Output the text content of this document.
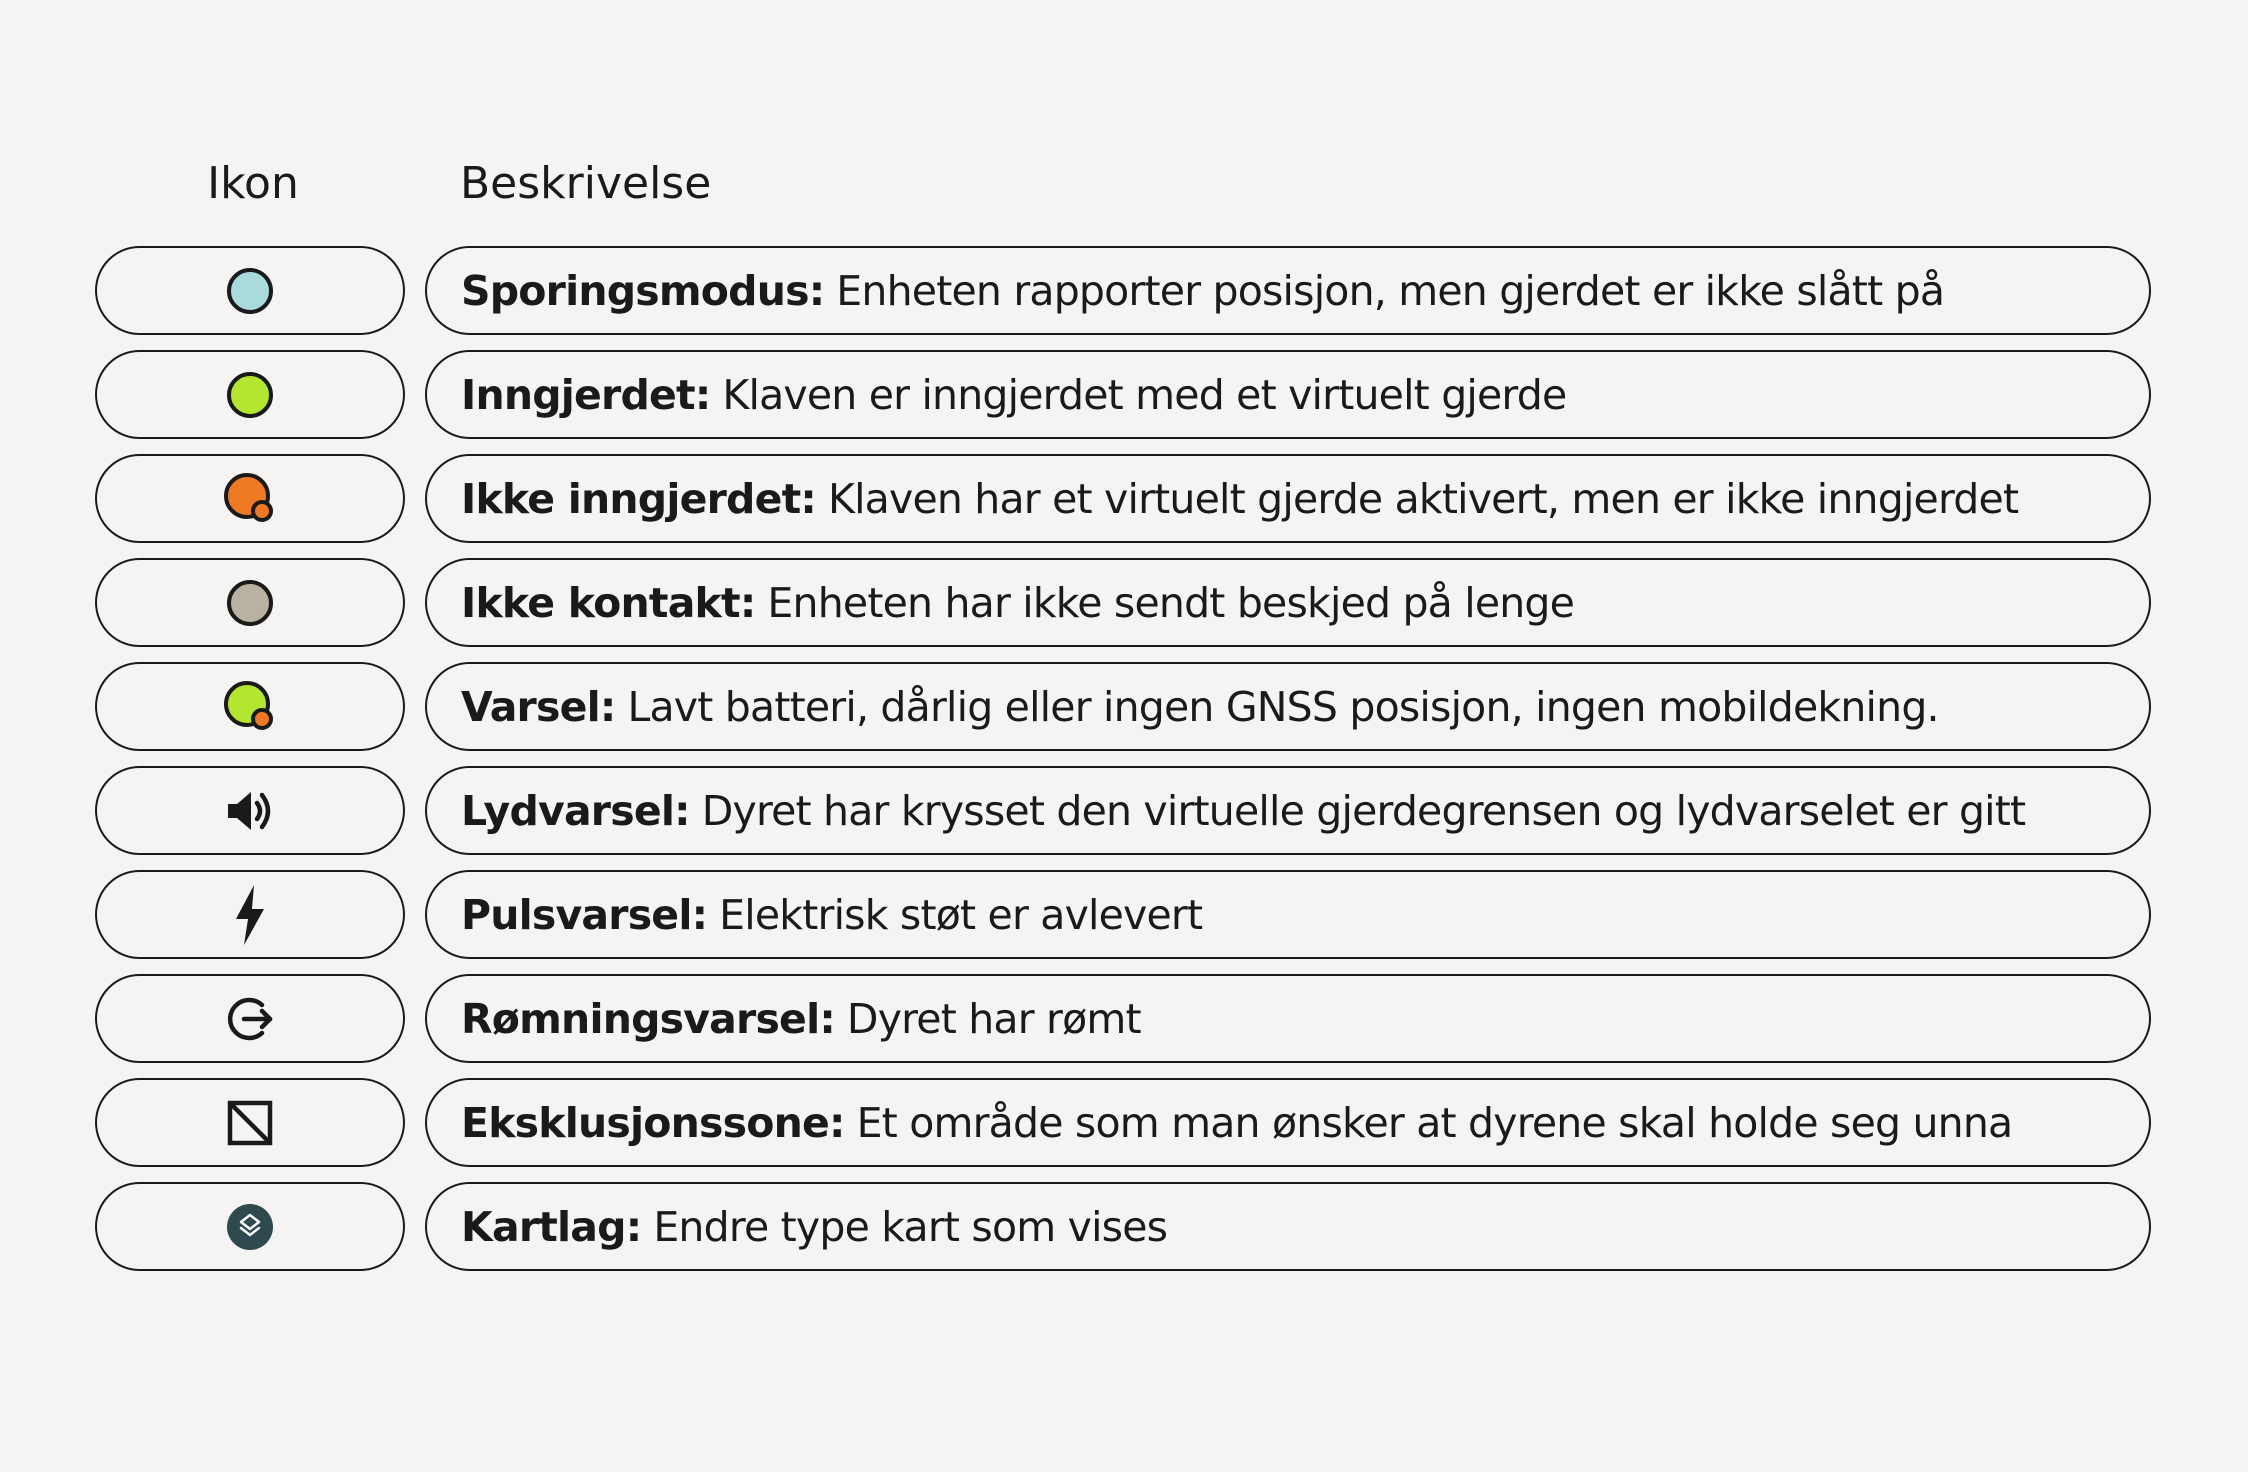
Ikon	Beskrivelse
Sporingsmodus: Enheten rapporter posisjon, men gjerdet er ikke slått på
Inngjerdet: Klaven er inngjerdet med et virtuelt gjerde
Ikke inngjerdet: Klaven har et virtuelt gjerde aktivert, men er ikke inngjerdet
Ikke kontakt: Enheten har ikke sendt beskjed på lenge
Varsel: Lavt batteri, dårlig eller ingen GNSS posisjon, ingen mobildekning.
Lydvarsel: Dyret har krysset den virtuelle gjerdegrensen og lydvarselet er gitt
Pulsvarsel: Elektrisk støt er avlevert
Rømningsvarsel: Dyret har rømt
Eksklusjonssone: Et område som man ønsker at dyrene skal holde seg unna
Kartlag: Endre type kart som vises
